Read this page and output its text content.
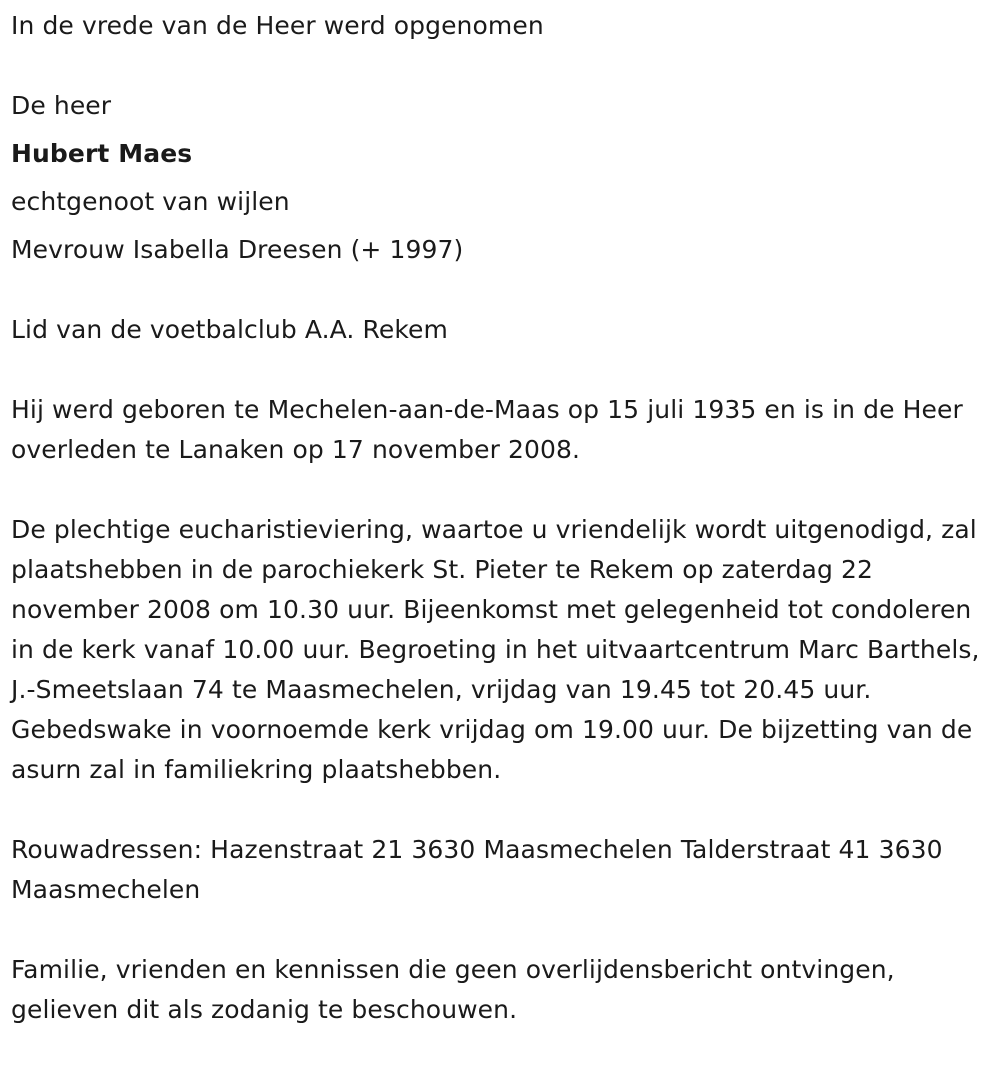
In de vrede van de Heer werd opgenomen

De heer

Hubert Maes

echtgenoot van wijlen

Mevrouw Isabella Dreesen (+ 1997)

Lid van de voetbalclub A.A. Rekem

Hij werd geboren te Mechelen-aan-de-Maas op 15 juli 1935 en is in de Heer overleden te Lanaken op 17 november 2008.

De plechtige eucharistieviering, waartoe u vriendelijk wordt uitgenodigd, zal plaatshebben in de parochiekerk St. Pieter te Rekem op zaterdag 22 november 2008 om 10.30 uur. Bijeenkomst met gelegenheid tot condoleren in de kerk vanaf 10.00 uur. Begroeting in het uitvaartcentrum Marc Barthels, J.-Smeetslaan 74 te Maasmechelen, vrijdag van 19.45 tot 20.45 uur. Gebedswake in voornoemde kerk vrijdag om 19.00 uur. De bijzetting van de asurn zal in familiekring plaatshebben.

Rouwadressen: Hazenstraat 21 3630 Maasmechelen Talderstraat 41 3630 Maasmechelen

Familie, vrienden en kennissen die geen overlijdensbericht ontvingen, gelieven dit als zodanig te beschouwen.
